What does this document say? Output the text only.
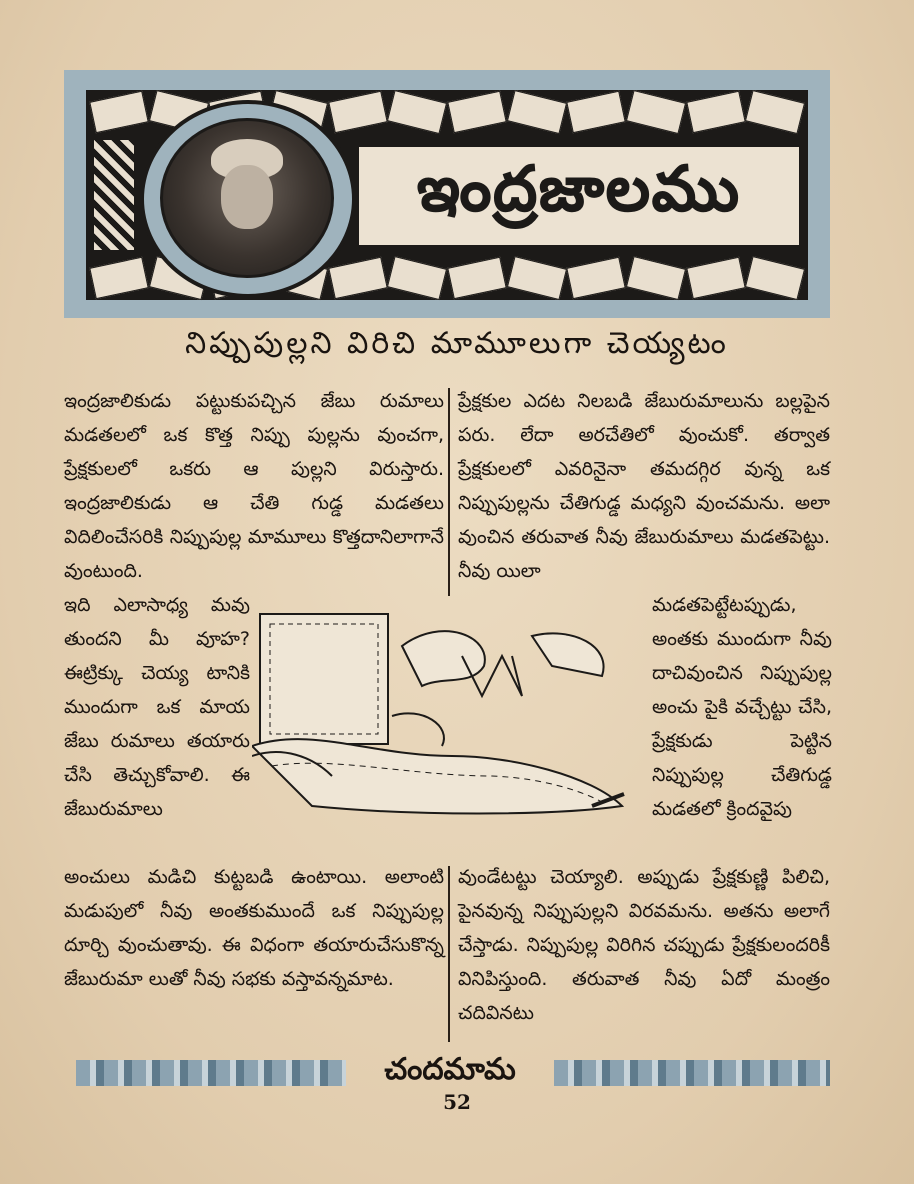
ఇంద్రజాలము
నిప్పుపుల్లని విరిచి మామూలుగా చెయ్యటం

ఇంద్రజాలికుడు పట్టుకుపచ్చిన జేబు రుమాలు మడతలలో ఒక కొత్త నిప్పు పుల్లను వుంచగా, ప్రేక్షకులలో ఒకరు ఆ పుల్లని విరుస్తారు. ఇంద్రజాలికుడు ఆ చేతి గుడ్డ మడతలు విదిలించేసరికి నిప్పుపుల్ల మామూలు కొత్తదానిలాగానే వుంటుంది.

ప్రేక్షకుల ఎదట నిలబడి జేబురుమాలును బల్లపైన పరు. లేదా అరచేతిలో వుంచుకో. తర్వాత ప్రేక్షకులలో ఎవరినైనా తమదగ్గిర వున్న ఒక నిప్పుపుల్లను చేతిగుడ్డ మధ్యని వుంచమను. అలా వుంచిన తరువాత నీవు జేబురుమాలు మడతపెట్టు. నీవు యిలా

ఇది ఎలాసాధ్య మవు తుందని మీ వూహ? ఈట్రిక్కు చెయ్య టానికి ముందుగా ఒక మాయ జేబు రుమాలు తయారు చేసి తెచ్చుకోవాలి. ఈ జేబురుమాలు

మడతపెట్టేటప్పుడు, అంతకు ముందుగా నీవు దాచివుంచిన నిప్పుపుల్ల అంచు పైకి వచ్చేట్టు చేసి, ప్రేక్షకుడు పెట్టిన నిప్పుపుల్ల చేతిగుడ్డ మడతలో క్రిందవైపు

అంచులు మడిచి కుట్టబడి ఉంటాయి. అలాంటి మడుపులో నీవు అంతకుముందే ఒక నిప్పుపుల్ల దూర్చి వుంచుతావు. ఈ విధంగా తయారుచేసుకొన్న జేబురుమా లుతో నీవు సభకు వస్తావన్నమాట.

వుండేటట్టు చెయ్యాలి. అప్పుడు ప్రేక్షకుణ్ణి పిలిచి, పైనవున్న నిప్పుపుల్లని విరవమను. అతను అలాగే చేస్తాడు. నిప్పుపుల్ల విరిగిన చప్పుడు ప్రేక్షకులందరికీ వినిపిస్తుంది. తరువాత నీవు ఏదో మంత్రం చదివినటు

చందమామ
52
